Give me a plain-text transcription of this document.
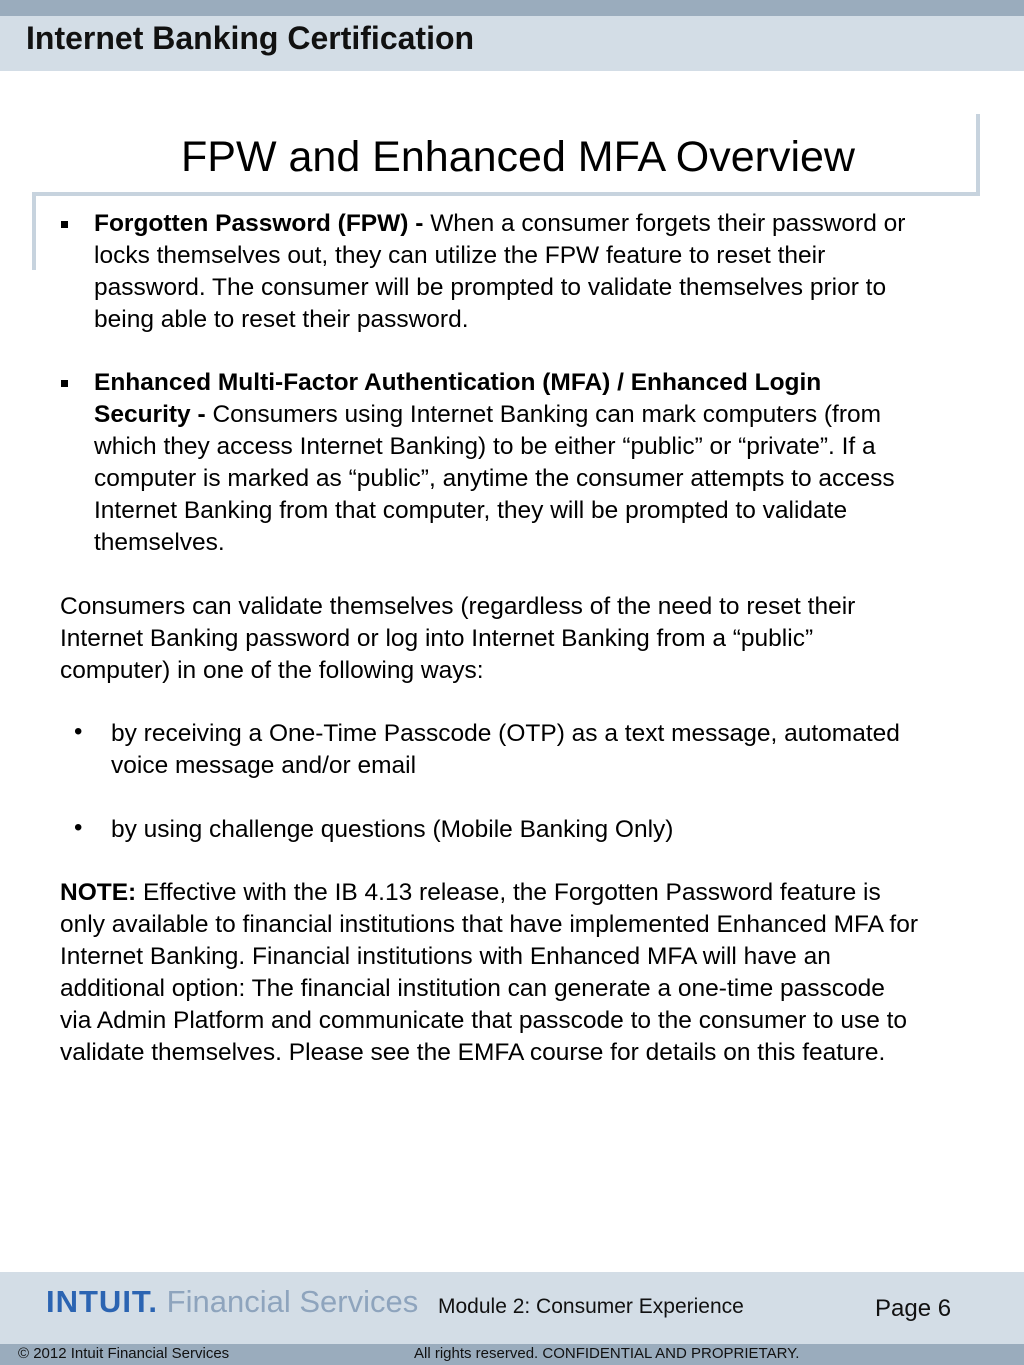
Internet Banking Certification
FPW and Enhanced MFA Overview
Forgotten Password (FPW) - When a consumer forgets their password or
locks themselves out, they can utilize the FPW feature to reset their
password. The consumer will be prompted to validate themselves prior to
being able to reset their password.
Enhanced Multi-Factor Authentication (MFA) / Enhanced Login
Security - Consumers using Internet Banking can mark computers (from
which they access Internet Banking) to be either “public” or “private”. If a
computer is marked as “public”, anytime the consumer attempts to access
Internet Banking from that computer, they will be prompted to validate
themselves.
Consumers can validate themselves (regardless of the need to reset their
Internet Banking password or log into Internet Banking from a “public”
computer) in one of the following ways:
• by receiving a One-Time Passcode (OTP) as a text message, automated
voice message and/or email
• by using challenge questions (Mobile Banking Only)
NOTE: Effective with the IB 4.13 release, the Forgotten Password feature is
only available to financial institutions that have implemented Enhanced MFA for
Internet Banking. Financial institutions with Enhanced MFA will have an
additional option: The financial institution can generate a one-time passcode
via Admin Platform and communicate that passcode to the consumer to use to
validate themselves. Please see the EMFA course for details on this feature.
INTUIT. Financial Services Module 2: Consumer Experience	Page 6
© 2012 Intuit Financial Services	All rights reserved. CONFIDENTIAL AND PROPRIETARY.
